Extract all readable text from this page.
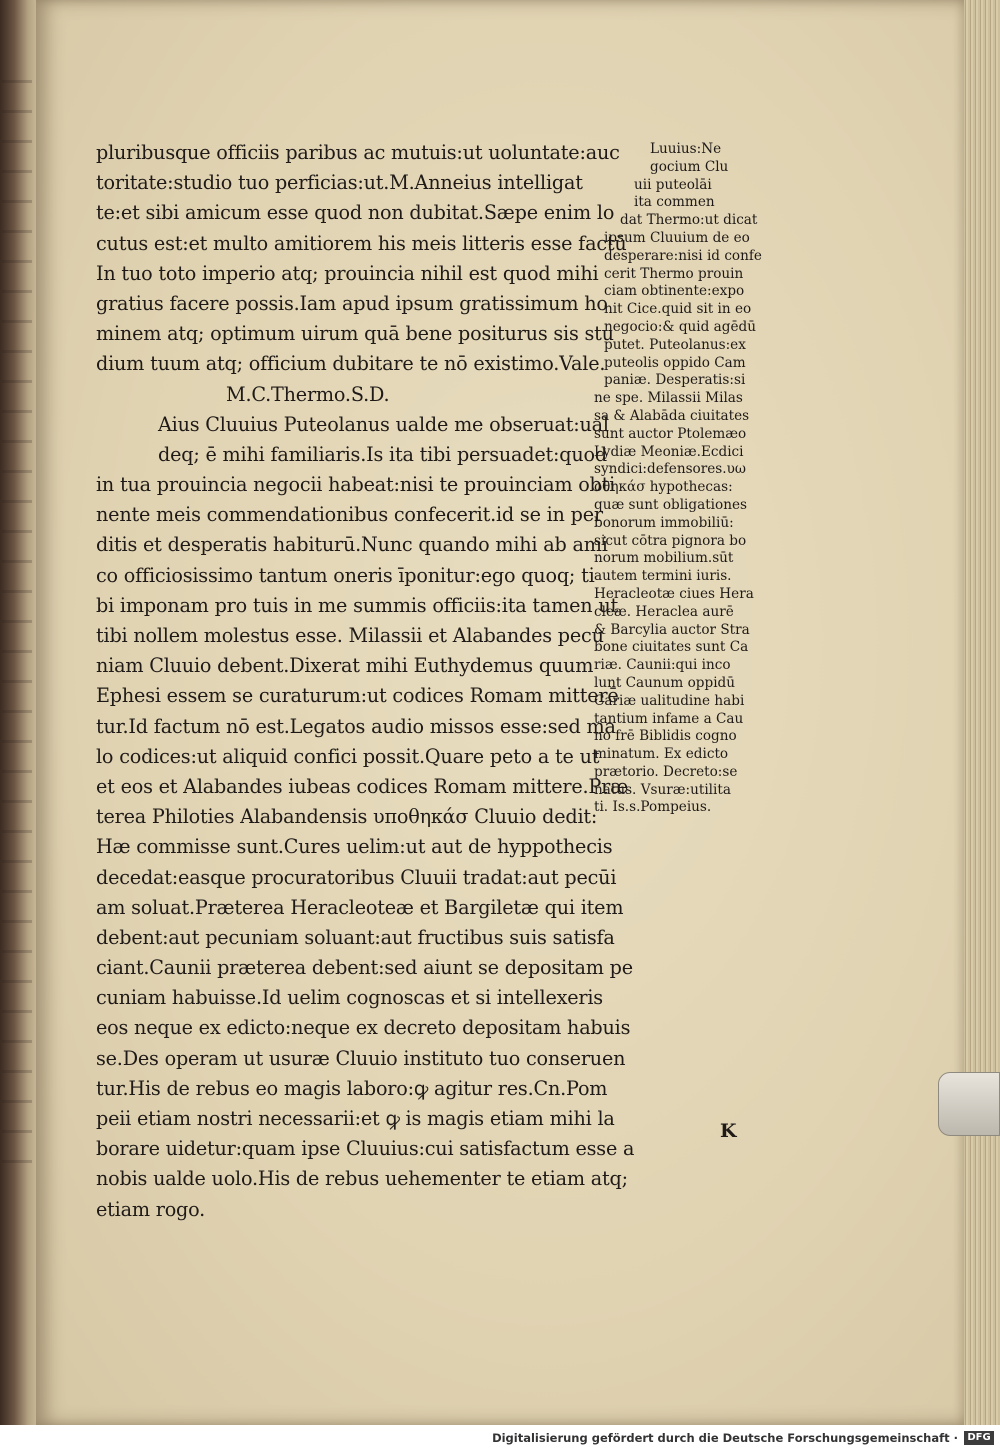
pluribusque officiis paribus ac mutuis:ut uoluntate:auc
toritate:studio tuo perficias:ut.M.Anneius intelligat
te:et sibi amicum esse quod non dubitat.Sæpe enim lo
cutus est:et multo amitiorem his meis litteris esse factū
In tuo toto imperio atq; prouincia nihil est quod mihi
gratius facere possis.Iam apud ipsum gratissimum ho
minem atq; optimum uirum quā bene positurus sis stu
dium tuum atq; officium dubitare te nō existimo.Vale.
M.C.Thermo.S.D.
Aius Cluuius Puteolanus ualde me obseruat:ual
deq; ē mihi familiaris.Is ita tibi persuadet:quod
in tua prouincia negocii habeat:nisi te prouinciam obti
nente meis commendationibus confecerit.id se in per
ditis et desperatis habiturū.Nunc quando mihi ab ami
co officiosissimo tantum oneris īponitur:ego quoq; ti
bi imponam pro tuis in me summis officiis:ita tamen ut
tibi nollem molestus esse. Milassii et Alabandes pecu
niam Cluuio debent.Dixerat mihi Euthydemus quum
Ephesi essem se curaturum:ut codices Romam mitterē
tur.Id factum nō est.Legatos audio missos esse:sed ma
lo codices:ut aliquid confici possit.Quare peto a te ut
et eos et Alabandes iubeas codices Romam mittere.Præ
terea Philoties Alabandensis υποθηκάσ Cluuio dedit:
Hæ commisse sunt.Cures uelim:ut aut de hyppothecis
decedat:easque procuratoribus Cluuii tradat:aut pecūi
am soluat.Præterea Heracleoteæ et Bargiletæ qui item
debent:aut pecuniam soluant:aut fructibus suis satisfa
ciant.Caunii præterea debent:sed aiunt se depositam pe
cuniam habuisse.Id uelim cognoscas et si intellexeris
eos neque ex edicto:neque ex decreto depositam habuis
se.Des operam ut usuræ Cluuio instituto tuo conseruen
tur.His de rebus eo magis laboro:ꝙ agitur res.Cn.Pom
peii etiam nostri necessarii:et ꝙ is magis etiam mihi la
borare uidetur:quam ipse Cluuius:cui satisfactum esse a
nobis ualde uolo.His de rebus uehementer te etiam atq;
etiam rogo.
Luuius:Ne
gocium Clu
uii puteolāi
ita commen
dat Thermo:ut dicat
ipsum Cluuium de eo
desperare:nisi id confe
cerit Thermo prouin
ciam obtinente:expo
nit Cice.quid sit in eo
negocio:& quid agēdū
putet. Puteolanus:ex
puteolis oppido Cam
paniæ. Desperatis:si
ne spe. Milassii Milas
sa & Alabāda ciuitates
sunt auctor Ptolemæo
Lydiæ Meoniæ.Ecdici
syndici:defensores.υω
οθηκάσ hypothecas:
quæ sunt obligationes
bonorum immobiliū:
sicut cōtra pignora bo
norum mobilium.sūt
autem termini iuris.
Heracleotæ ciues Hera
cleæ. Heraclea aurē
& Barcylia auctor Stra
bone ciuitates sunt Ca
riæ. Caunii:qui inco
lunt Caunum oppidū
Cariæ ualitudine habi
tantium infame a Cau
no frē Biblidis cogno
minatum. Ex edicto
prætorio. Decreto:se
natus. Vsuræ:utilita
ti. Is.s.Pompeius.
K
Digitalisierung gefördert durch die Deutsche Forschungsgemeinschaft · DFG
